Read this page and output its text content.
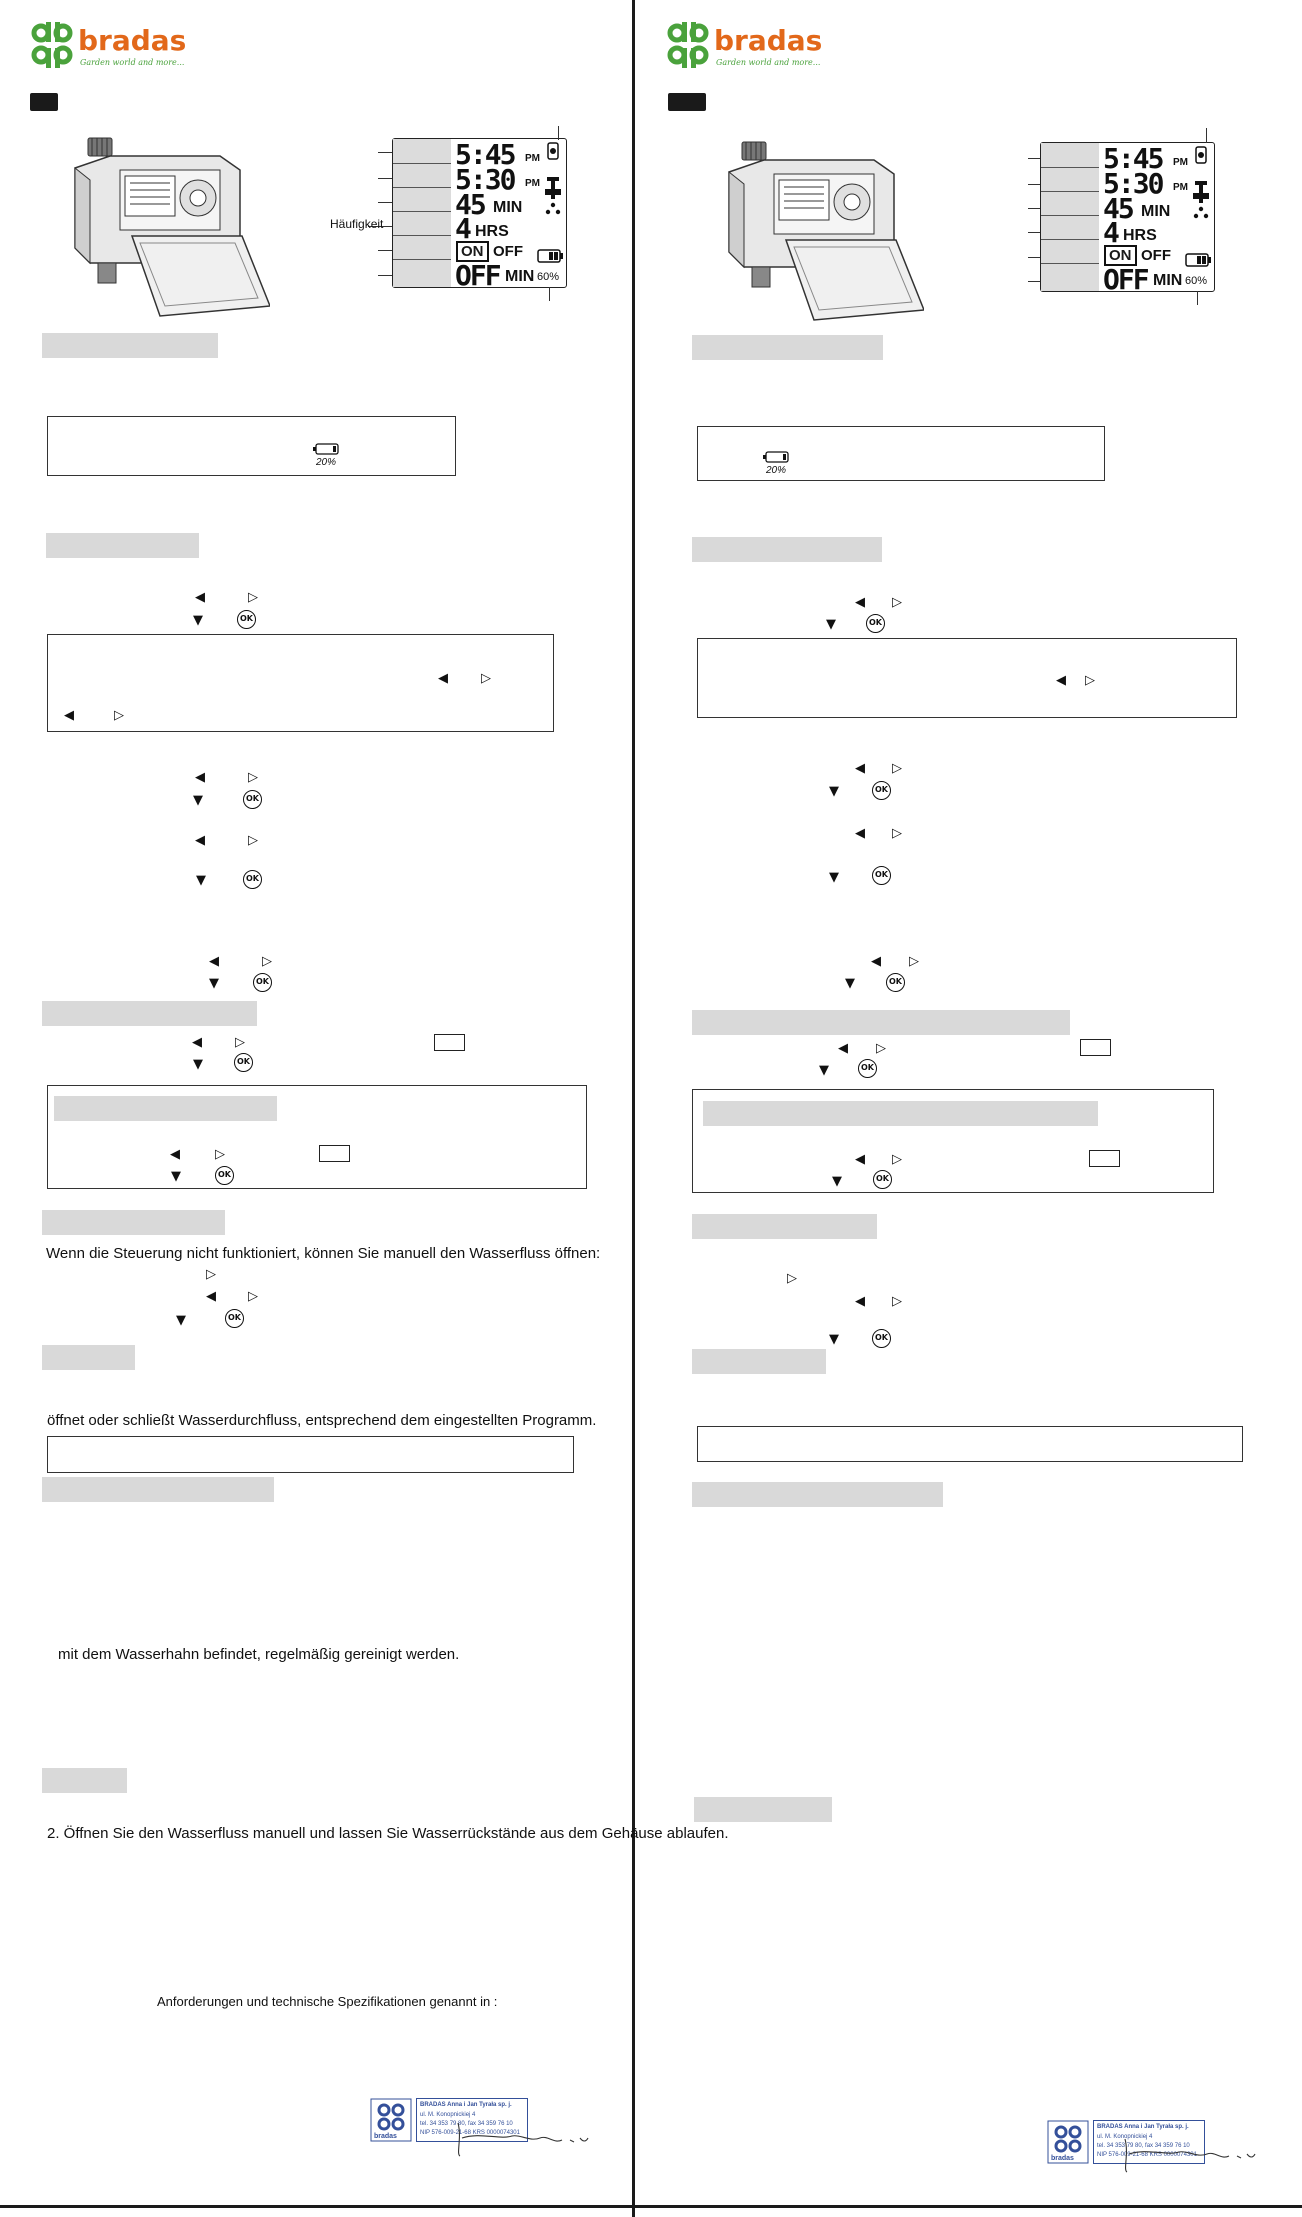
bradas
Garden world and more...
5:45 PM
5:30 PM
45 MIN
4 HRS
ON OFF
OFF MIN 60%
Häufigkeit
20%
◀	▷
▼	OK
◀	▷
◀	▷
◀	▷
▼	OK
◀	▷
▼	OK
◀	▷
▼	OK
◀	▷
▼	OK
◀	▷
▼	OK
Wenn die Steuerung nicht funktioniert, können Sie manuell den Wasserfluss öffnen:
▷
◀ ▷
▼	OK
öffnet oder schließt Wasserdurchfluss, entsprechend dem eingestellten Programm.
mit dem Wasserhahn befindet, regelmäßig gereinigt werden.
2. Öffnen Sie den Wasserfluss manuell und lassen Sie Wasserrückstände aus dem Gehäuse ablaufen.
Anforderungen und technische Spezifikationen genannt in :
bradas
BRADAS Anna i Jan Tyrała sp. j.
ul. M. Konopnickiej 4
tel. 34 353 79 80, fax 34 359 76 10
NIP 576-009-21-68 KRS 0000074301
bradas
Garden world and more...
5:45 PM
5:30 PM
45 MIN
4 HRS
ON OFF
OFF MIN 60%
20%
◀ ▷
▼	OK
◀ ▷
◀ ▷
▼	OK
◀ ▷
▼	OK
◀ ▷
▼	OK
◀ ▷
▼	OK
◀ ▷
▼	OK
▷
◀ ▷
▼	OK
bradas
BRADAS Anna i Jan Tyrała sp. j.
ul. M. Konopnickiej 4
tel. 34 353 79 80, fax 34 359 76 10
NIP 576-009-21-68 KRS 0000074301
